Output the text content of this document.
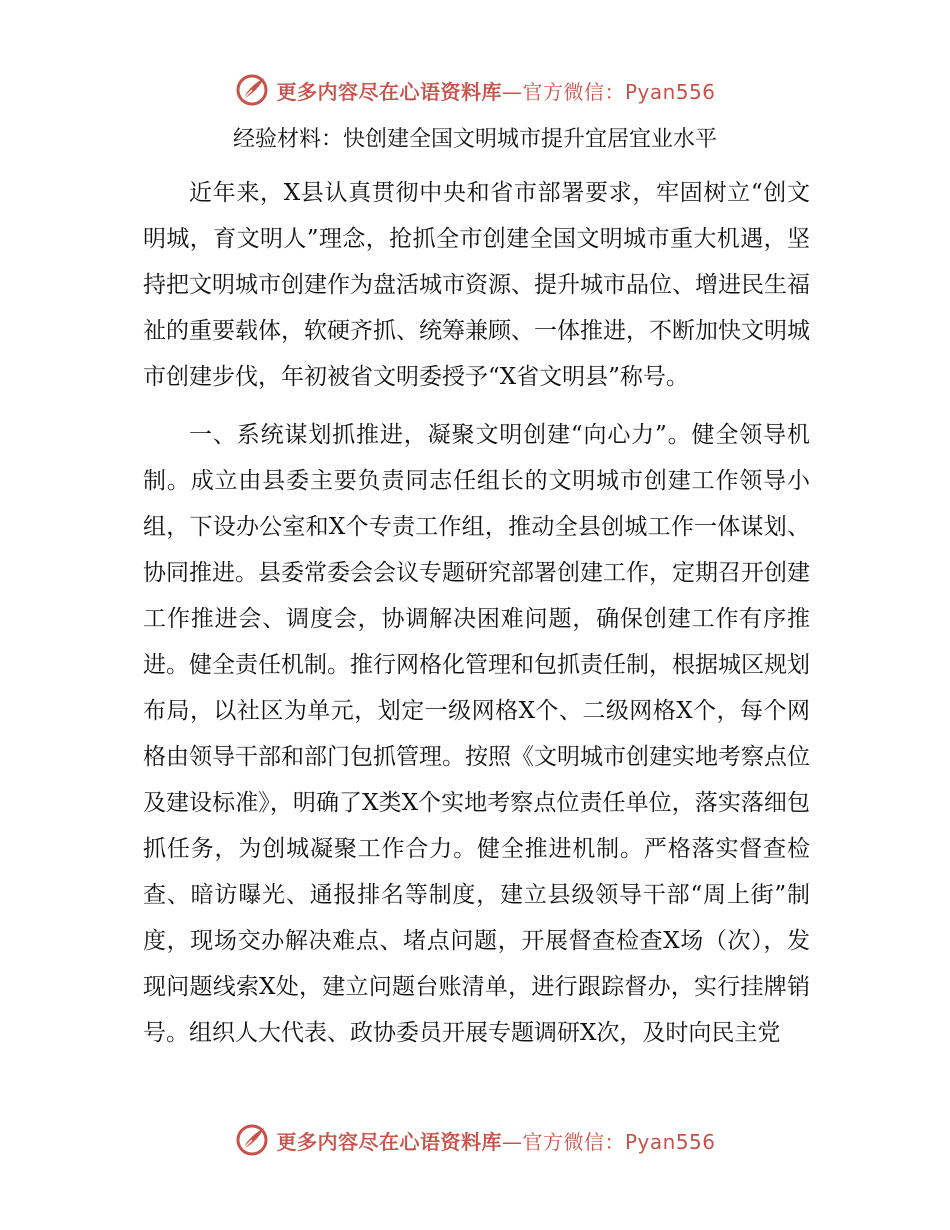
更多内容尽在心语资料库—官方微信：Pyan556
经验材料：快创建全国文明城市提升宜居宜业水平

近年来，X县认真贯彻中央和省市部署要求，牢固树立“创文明城，育文明人”理念，抢抓全市创建全国文明城市重大机遇，坚持把文明城市创建作为盘活城市资源、提升城市品位、增进民生福祉的重要载体，软硬齐抓、统筹兼顾、一体推进，不断加快文明城市创建步伐，年初被省文明委授予“X省文明县”称号。

一、系统谋划抓推进，凝聚文明创建“向心力”。健全领导机制。成立由县委主要负责同志任组长的文明城市创建工作领导小组，下设办公室和X个专责工作组，推动全县创城工作一体谋划、协同推进。县委常委会会议专题研究部署创建工作，定期召开创建工作推进会、调度会，协调解决困难问题，确保创建工作有序推进。健全责任机制。推行网格化管理和包抓责任制，根据城区规划布局，以社区为单元，划定一级网格X个、二级网格X个，每个网格由领导干部和部门包抓管理。按照《文明城市创建实地考察点位及建设标准》，明确了X类X个实地考察点位责任单位，落实落细包抓任务，为创城凝聚工作合力。健全推进机制。严格落实督查检查、暗访曝光、通报排名等制度，建立县级领导干部“周上街”制度，现场交办解决难点、堵点问题，开展督查检查X场（次），发现问题线索X处，建立问题台账清单，进行跟踪督办，实行挂牌销号。组织人大代表、政协委员开展专题调研X次，及时向民主党

更多内容尽在心语资料库—官方微信：Pyan556
